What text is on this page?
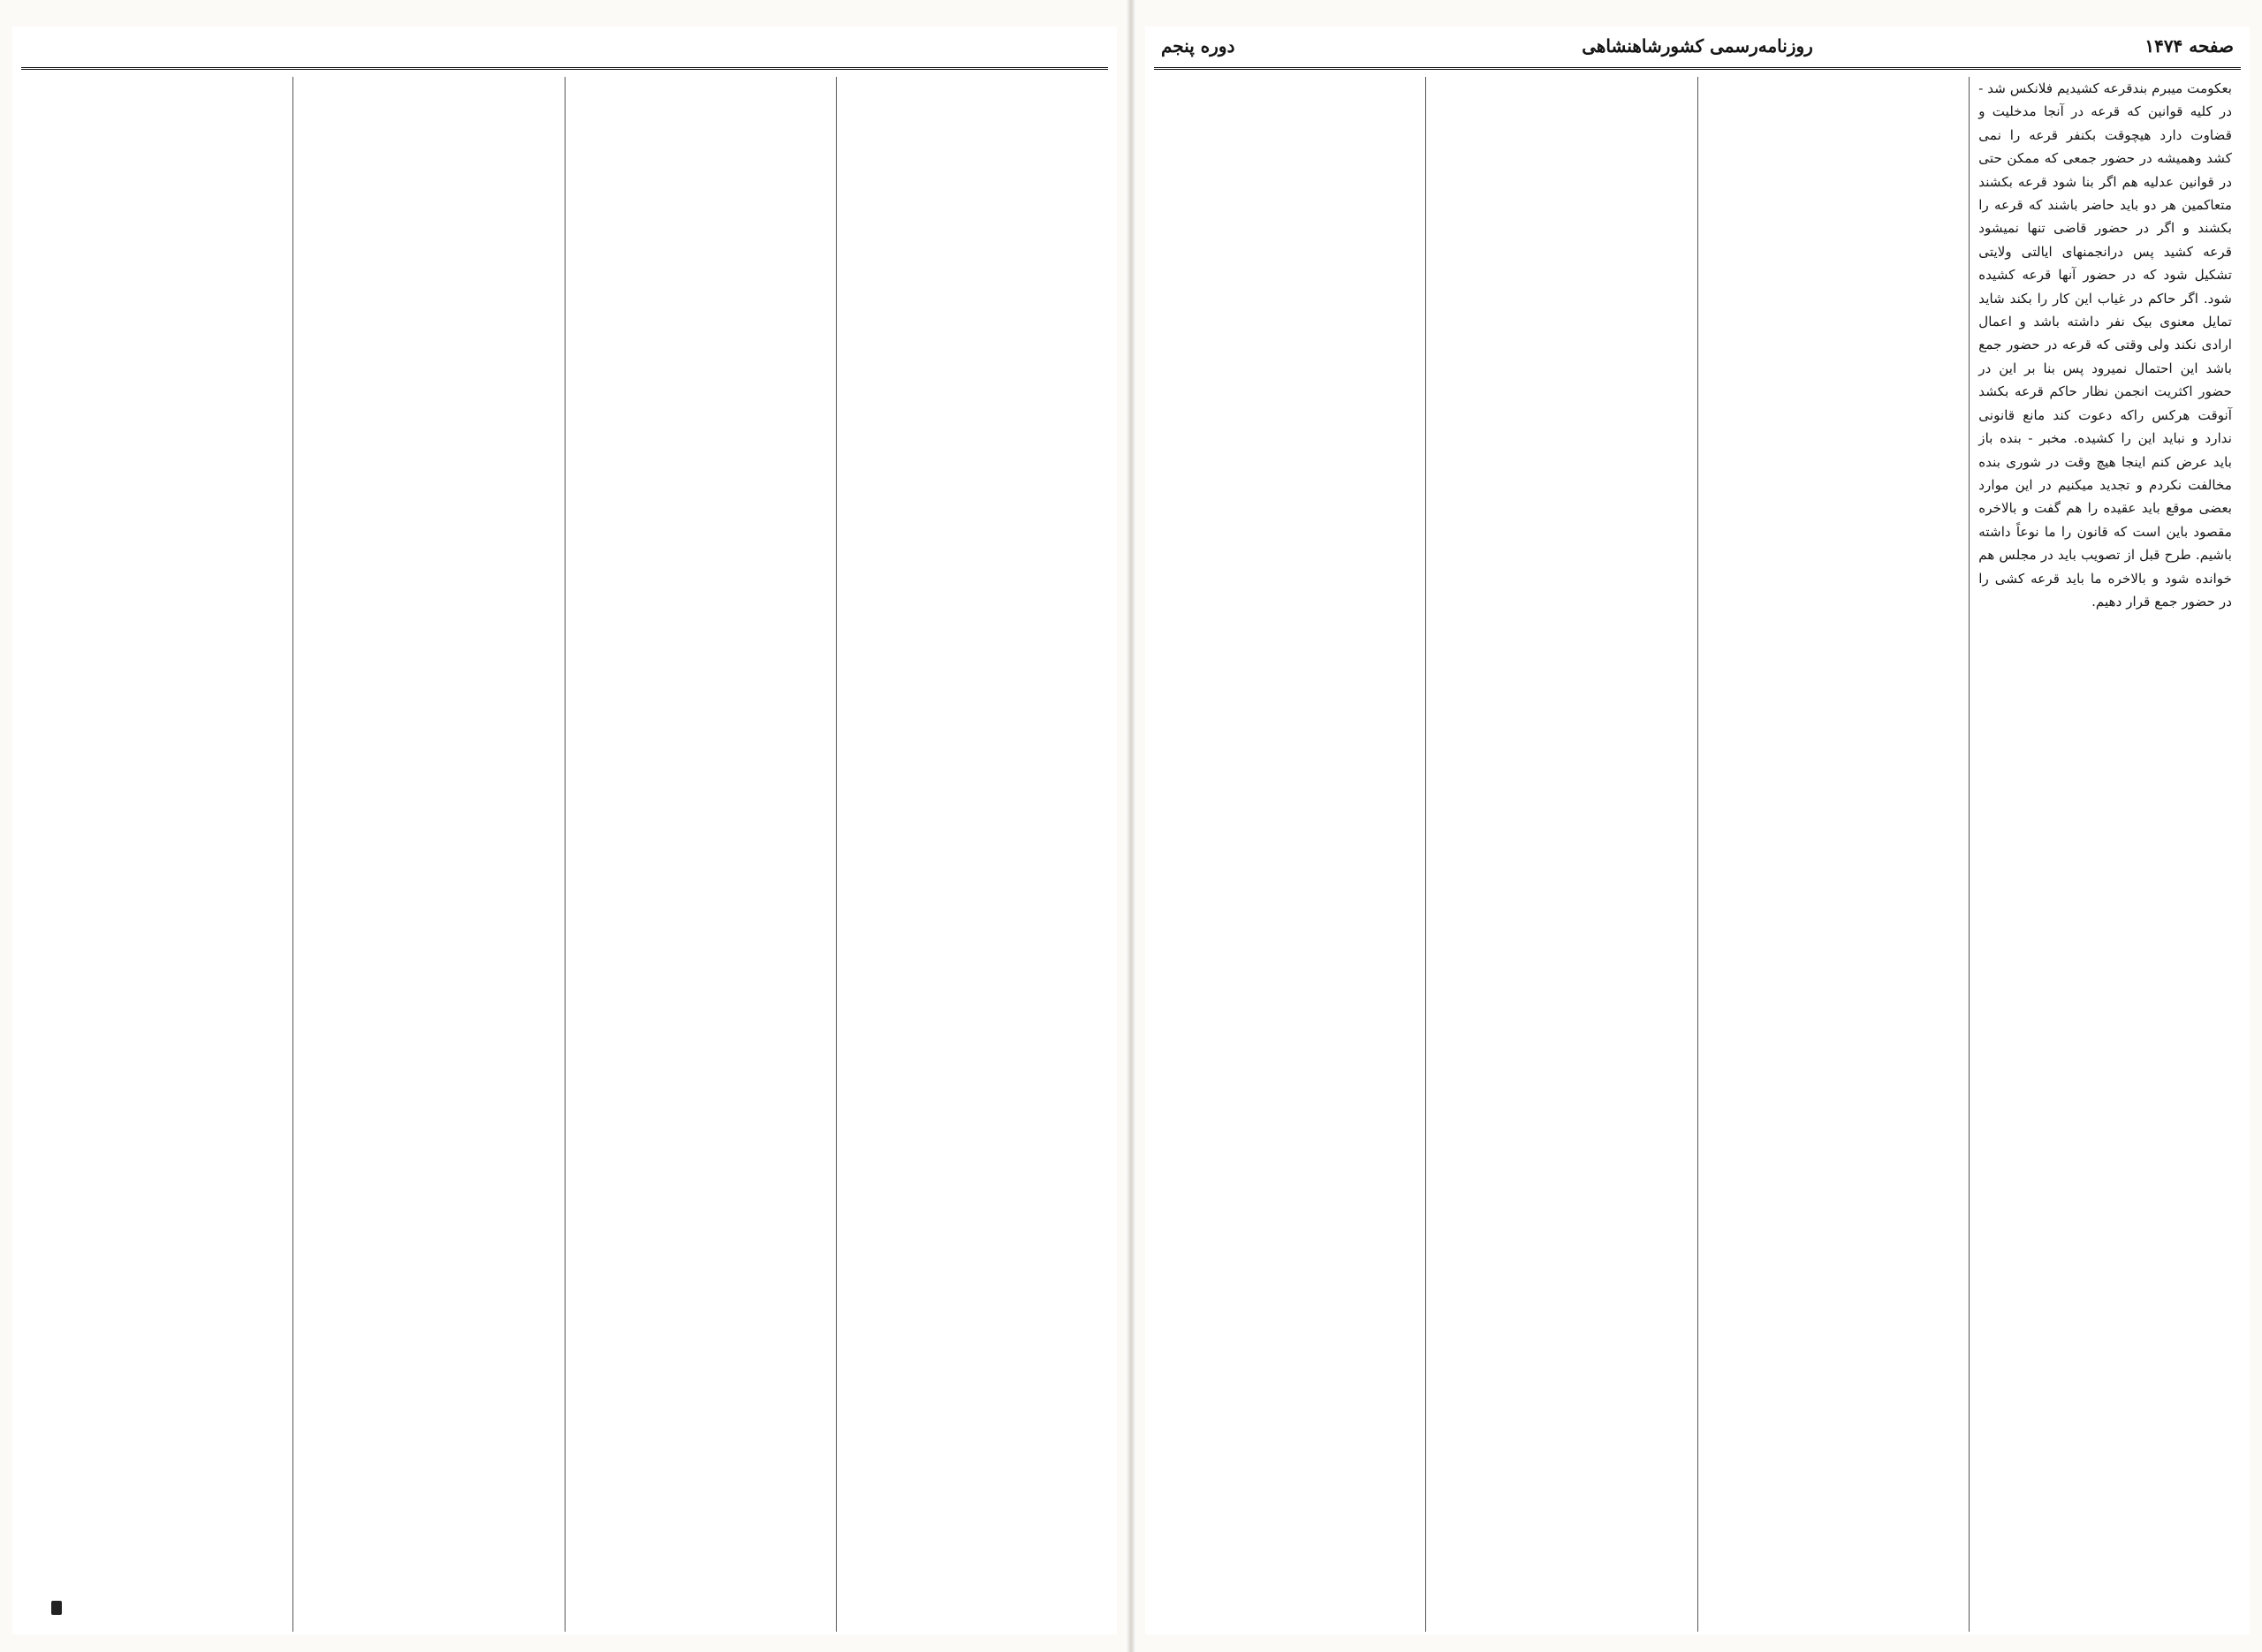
صفحه ۱۴۷۴
روزنامه‌رسمی کشورشاهنشاهی
دوره پنجم

بعکومت میبرم بندقرعه کشیدیم فلانکس شد - در کلیه قوانین که قرعه در آنجا مدخلیت و قضاوت دارد هیچوقت بکنفر قرعه را نمی کشد وهمیشه در حضور جمعی که ممکن حتی در قوانین عدلیه هم اگر بنا شود قرعه بکشند متعاکمین هر دو باید حاضر باشند که قرعه را بکشند و اگر در حضور قاضی تنها نمیشود قرعه کشید پس درانجمنهای ایالتی ولایتی تشکیل شود که در حضور آنها قرعه کشیده شود. اگر حاکم در غیاب این کار را بکند شاید تمایل معنوی بیک نفر داشته باشد و اعمال ارادی نکند ولی وقتی که قرعه در حضور جمع باشد این احتمال نمیرود پس بنا بر این در حضور اکثریت انجمن نظار حاکم قرعه بکشد آنوقت هرکس راکه دعوت کند مانع قانونی ندارد و نباید این را کشیده. مخبر - بنده باز باید عرض کنم اینجا هیچ وقت در شوری بنده مخالفت نکردم و تجدید میکنیم در این موارد بعضی موقع باید عقیده را هم گفت و بالاخره مقصود باین است که قانون را ما نوعاً داشته باشیم. طرح قبل از تصویب باید در مجلس هم خوانده شود و بالاخره ما باید قرعه کشی را در حضور جمع قرار دهیم.
